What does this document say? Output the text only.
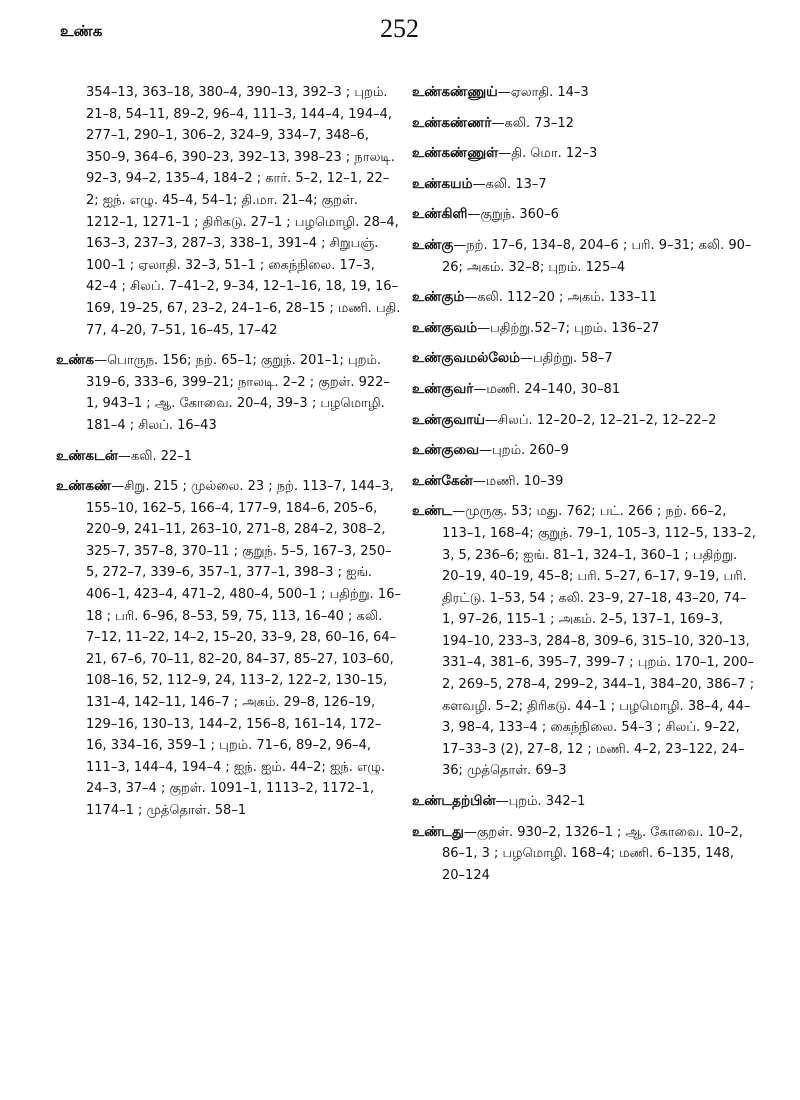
உண்க	252
354–13, 363–18, 380–4, 390–13, 392–3 ; புறம். 21–8, 54–11, 89–2, 96–4, 111–3, 144–4, 194–4, 277–1, 290–1, 306–2, 324–9, 334–7, 348–6, 350–9, 364–6, 390–23, 392–13, 398–23 ; நாலடி. 92–3, 94–2, 135–4, 184–2 ; கார். 5–2, 12–1, 22–2; ஐந். எழு. 45–4, 54–1; தி.மா. 21–4; குறள். 1212–1, 1271–1 ; திரிகடு. 27–1 ; பழமொழி. 28–4, 163–3, 237–3, 287–3, 338–1, 391–4 ; சிறுபஞ். 100–1 ; ஏலாதி. 32–3, 51–1 ; கைந்நிலை. 17–3, 42–4 ; சிலப். 7–41–2, 9–34, 12–1–16, 18, 19, 16–169, 19–25, 67, 23–2, 24–1–6, 28–15 ; மணி. பதி. 77, 4–20, 7–51, 16–45, 17–42
உண்க—பொருந. 156; நற். 65–1; குறுந். 201–1; புறம். 319–6, 333–6, 399–21; நாலடி. 2–2 ; குறள். 922–1, 943–1 ; ஆ. கோவை. 20–4, 39–3 ; பழமொழி. 181–4 ; சிலப். 16–43
உண்கடன்—கலி. 22–1
உண்கண்—சிறு. 215 ; முல்லை. 23 ; நற். 113–7, 144–3, 155–10, 162–5, 166–4, 177–9, 184–6, 205–6, 220–9, 241–11, 263–10, 271–8, 284–2, 308–2, 325–7, 357–8, 370–11 ; குறுந். 5–5, 167–3, 250–5, 272–7, 339–6, 357–1, 377–1, 398–3 ; ஐங். 406–1, 423–4, 471–2, 480–4, 500–1 ; பதிற்று. 16–18 ; பரி. 6–96, 8–53, 59, 75, 113, 16–40 ; கலி. 7–12, 11–22, 14–2, 15–20, 33–9, 28, 60–16, 64–21, 67–6, 70–11, 82–20, 84–37, 85–27, 103–60, 108–16, 52, 112–9, 24, 113–2, 122–2, 130–15, 131–4, 142–11, 146–7 ; அகம். 29–8, 126–19, 129–16, 130–13, 144–2, 156–8, 161–14, 172–16, 334–16, 359–1 ; புறம். 71–6, 89–2, 96–4, 111–3, 144–4, 194–4 ; ஐந். ஐம். 44–2; ஐந். எழு. 24–3, 37–4 ; குறள். 1091–1, 1113–2, 1172–1, 1174–1 ; முத்தொள். 58–1
உண்கண்ணுய்—ஏலாதி. 14–3
உண்கண்ணர்—கலி. 73–12
உண்கண்ணுள்—தி. மொ. 12–3
உண்கயம்—கலி. 13–7
உண்கிளி—குறுந். 360–6
உண்கு—நற். 17–6, 134–8, 204–6 ; பரி. 9–31; கலி. 90–26; அகம். 32–8; புறம். 125–4
உண்கும்—கலி. 112–20 ; அகம். 133–11
உண்குவம்—பதிற்று.52–7; புறம். 136–27
உண்குவமல்லேம்—பதிற்று. 58–7
உண்குவர்—மணி. 24–140, 30–81
உண்குவாய்—சிலப். 12–20–2, 12–21–2, 12–22–2
உண்குவை—புறம். 260–9
உண்கேன்—மணி. 10–39
உண்ட—முருகு. 53; மது. 762; பட். 266 ; நற். 66–2, 113–1, 168–4; குறுந். 79–1, 105–3, 112–5, 133–2, 3, 5, 236–6; ஐங். 81–1, 324–1, 360–1 ; பதிற்று. 20–19, 40–19, 45–8; பரி. 5–27, 6–17, 9–19, பரி. திரட்டு. 1–53, 54 ; கலி. 23–9, 27–18, 43–20, 74–1, 97–26, 115–1 ; அகம். 2–5, 137–1, 169–3, 194–10, 233–3, 284–8, 309–6, 315–10, 320–13, 331–4, 381–6, 395–7, 399–7 ; புறம். 170–1, 200–2, 269–5, 278–4, 299–2, 344–1, 384–20, 386–7 ; களவழி. 5–2; திரிகடு. 44–1 ; பழமொழி. 38–4, 44–3, 98–4, 133–4 ; கைந்நிலை. 54–3 ; சிலப். 9–22, 17–33–3 (2), 27–8, 12 ; மணி. 4–2, 23–122, 24–36; முத்தொள். 69–3
உண்டதற்பின்—புறம். 342–1
உண்டது—குறள். 930–2, 1326–1 ; ஆ. கோவை. 10–2, 86–1, 3 ; பழமொழி. 168–4; மணி. 6–135, 148, 20–124
